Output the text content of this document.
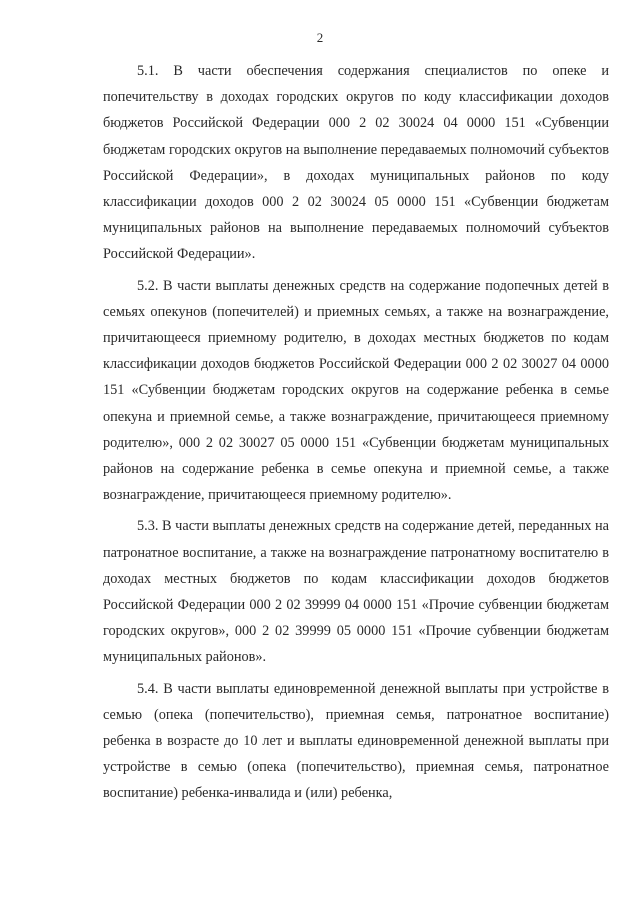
2

5.1. В части обеспечения содержания специалистов по опеке и попечительству в доходах городских округов по коду классификации доходов бюджетов Российской Федерации 000 2 02 30024 04 0000 151 «Субвенции бюджетам городских округов на выполнение передаваемых полномочий субъектов Российской Федерации», в доходах муниципальных районов по коду классификации доходов 000 2 02 30024 05 0000 151 «Субвенции бюджетам муниципальных районов на выполнение передаваемых полномочий субъектов Российской Федерации».

5.2. В части выплаты денежных средств на содержание подопечных детей в семьях опекунов (попечителей) и приемных семьях, а также на вознаграждение, причитающееся приемному родителю, в доходах местных бюджетов по кодам классификации доходов бюджетов Российской Федерации 000 2 02 30027 04 0000 151 «Субвенции бюджетам городских округов на содержание ребенка в семье опекуна и приемной семье, а также вознаграждение, причитающееся приемному родителю», 000 2 02 30027 05 0000 151 «Субвенции бюджетам муниципальных районов на содержание ребенка в семье опекуна и приемной семье, а также вознаграждение, причитающееся приемному родителю».

5.3. В части выплаты денежных средств на содержание детей, переданных на патронатное воспитание, а также на вознаграждение патронатному воспитателю в доходах местных бюджетов по кодам классификации доходов бюджетов Российской Федерации 000 2 02 39999 04 0000 151 «Прочие субвенции бюджетам городских округов», 000 2 02 39999 05 0000 151 «Прочие субвенции бюджетам муниципальных районов».

5.4. В части выплаты единовременной денежной выплаты при устройстве в семью (опека (попечительство), приемная семья, патронатное воспитание) ребенка в возрасте до 10 лет и выплаты единовременной денежной выплаты при устройстве в семью (опека (попечительство), приемная семья, патронатное воспитание) ребенка-инвалида и (или) ребенка,
